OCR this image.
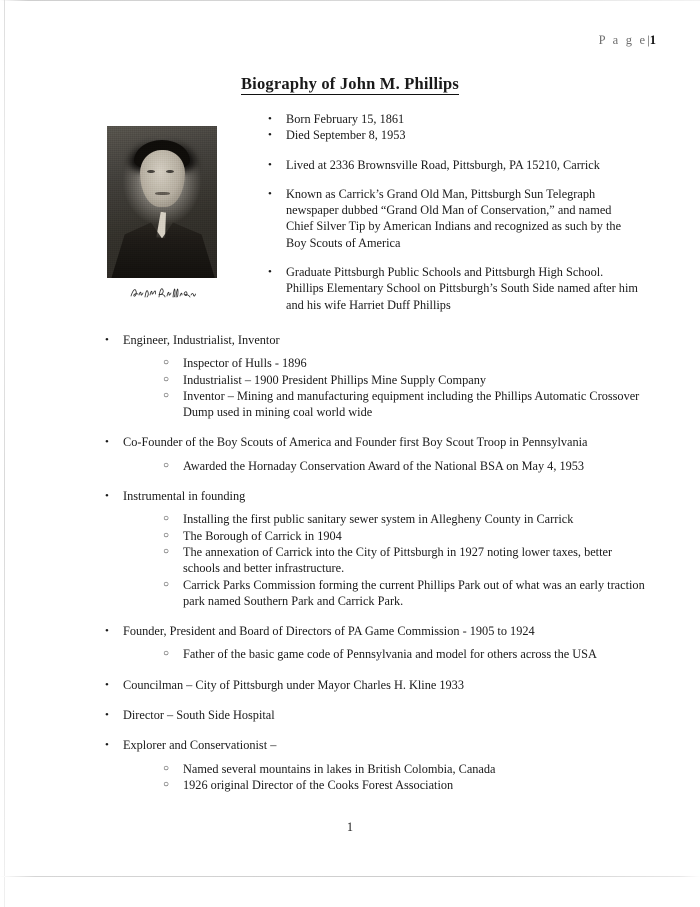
P a g e|1
Biography of John M. Phillips
• Born February 15, 1861
• Died September 8, 1953
• Lived at 2336 Brownsville Road, Pittsburgh, PA 15210, Carrick
• Known as Carrick’s Grand Old Man, Pittsburgh Sun Telegraph newspaper dubbed “Grand Old Man of Conservation,” and named Chief Silver Tip by American Indians and recognized as such by the Boy Scouts of America
• Graduate Pittsburgh Public Schools and Pittsburgh High School. Phillips Elementary School on Pittsburgh’s South Side named after him and his wife Harriet Duff Phillips
• Engineer, Industrialist, Inventor
○ Inspector of Hulls - 1896
○ Industrialist – 1900 President Phillips Mine Supply Company
○ Inventor – Mining and manufacturing equipment including the Phillips Automatic Crossover Dump used in mining coal world wide
• Co-Founder of the Boy Scouts of America and Founder first Boy Scout Troop in Pennsylvania
○ Awarded the Hornaday Conservation Award of the National BSA on May 4, 1953
• Instrumental in founding
○ Installing the first public sanitary sewer system in Allegheny County in Carrick
○ The Borough of Carrick in 1904
○ The annexation of Carrick into the City of Pittsburgh in 1927 noting lower taxes, better schools and better infrastructure.
○ Carrick Parks Commission forming the current Phillips Park out of what was an early traction park named Southern Park and Carrick Park.
• Founder, President and Board of Directors of PA Game Commission - 1905 to 1924
○ Father of the basic game code of Pennsylvania and model for others across the USA
• Councilman – City of Pittsburgh under Mayor Charles H. Kline 1933
• Director – South Side Hospital
• Explorer and Conservationist –
○ Named several mountains in lakes in British Colombia, Canada
○ 1926 original Director of the Cooks Forest Association
1
